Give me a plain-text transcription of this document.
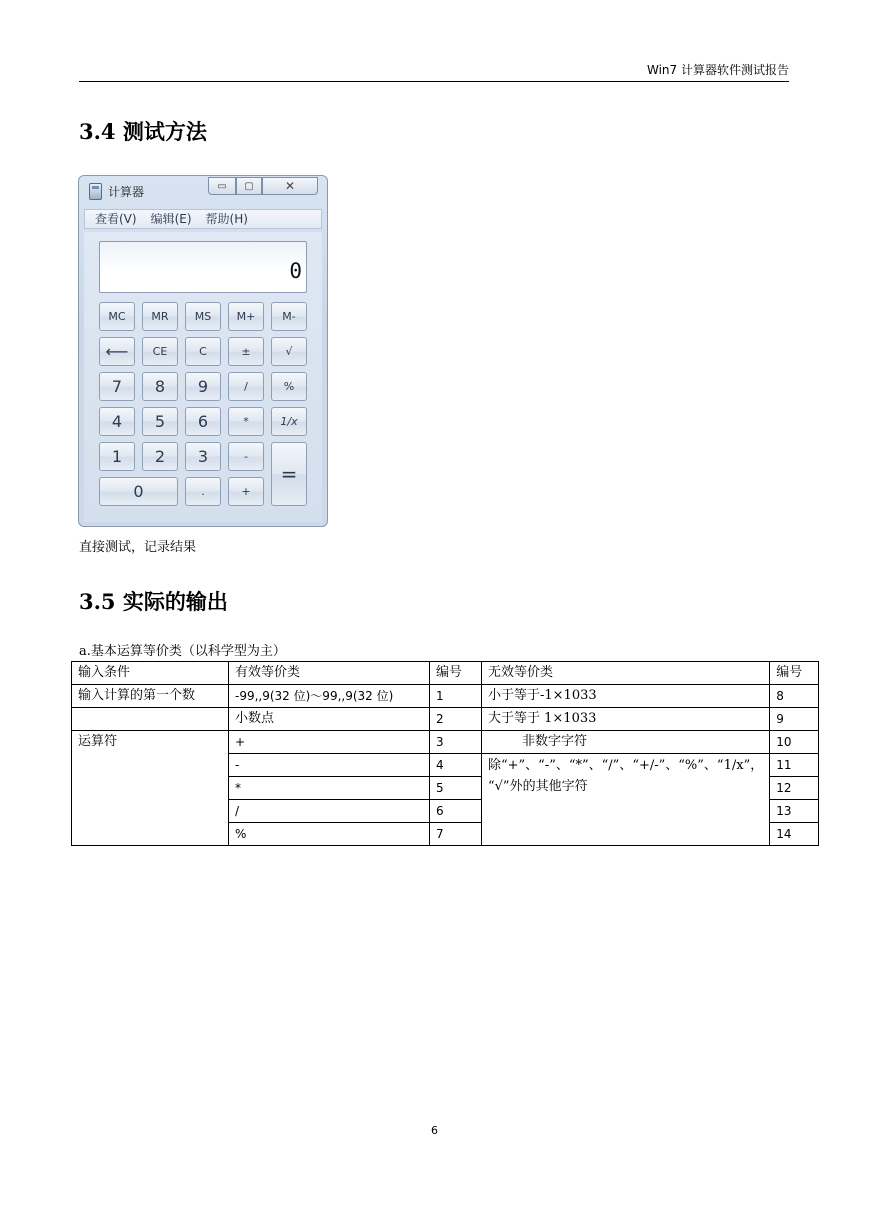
Win7 计算器软件测试报告
3.4 测试方法
计算器	▭	▢	✕
查看(V) 编辑(E) 帮助(H)
0
MC	MR	MS	M+	M-
⟵	CE	C	±	√
7	8	9	/	%
4	5	6	*	1/x
1	2	3	-
=
0	.	+
直接测试，记录结果
3.5 实际的输出
a.基本运算等价类（以科学型为主）
输入条件	有效等价类	编号	无效等价类	编号
输入计算的第一个数	-99,,9(32 位)～99,,9(32 位)	1	小于等于-1×1033	8
	小数点	2	大于等于 1×1033	9
运算符	+	3	非数字字符	10
	-	4	除“+”、“-”、“*”、“/”、“+/-”、“%”、“1/x”， “√”外的其他字符	11
	*	5		12
	/	6		13
	%	7		14
6
